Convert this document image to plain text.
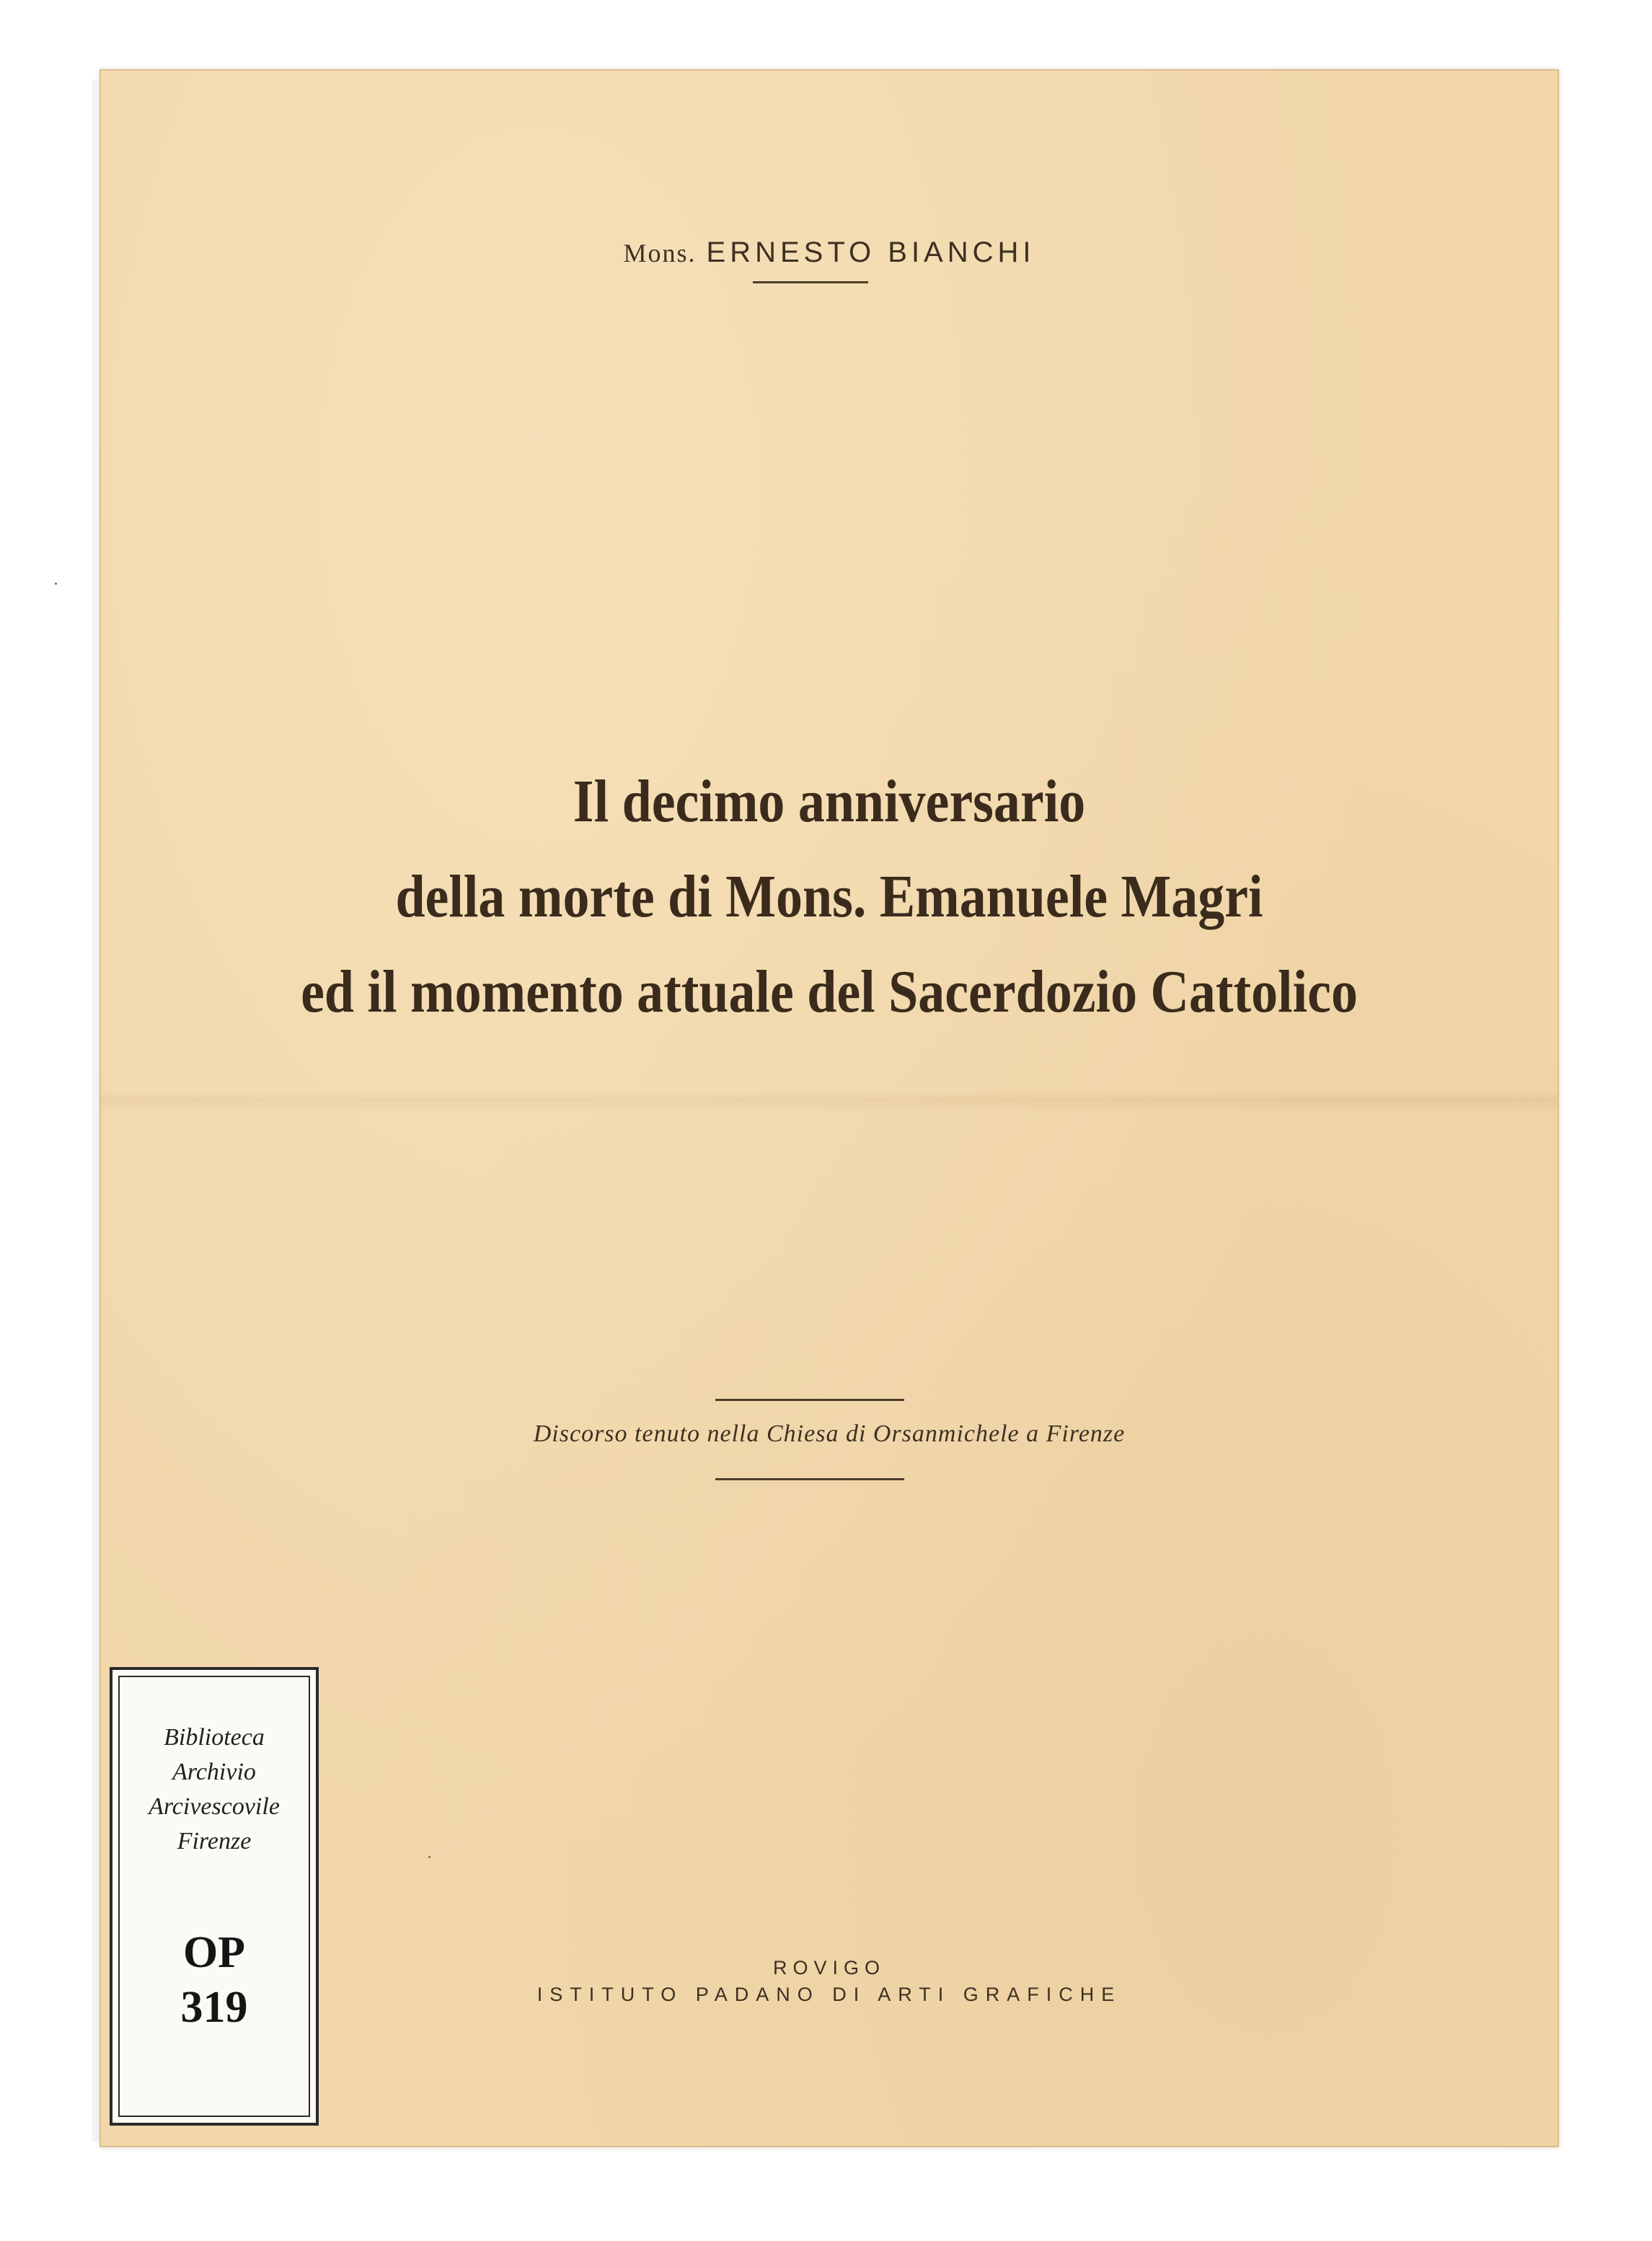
Mons. ERNESTO BIANCHI
Il decimo anniversario
della morte di Mons. Emanuele Magri
ed il momento attuale del Sacerdozio Cattolico
Discorso tenuto nella Chiesa di Orsanmichele a Firenze
ROVIGO
ISTITUTO PADANO DI ARTI GRAFICHE
Biblioteca
Archivio
Arcivescovile
Firenze
OP
319
